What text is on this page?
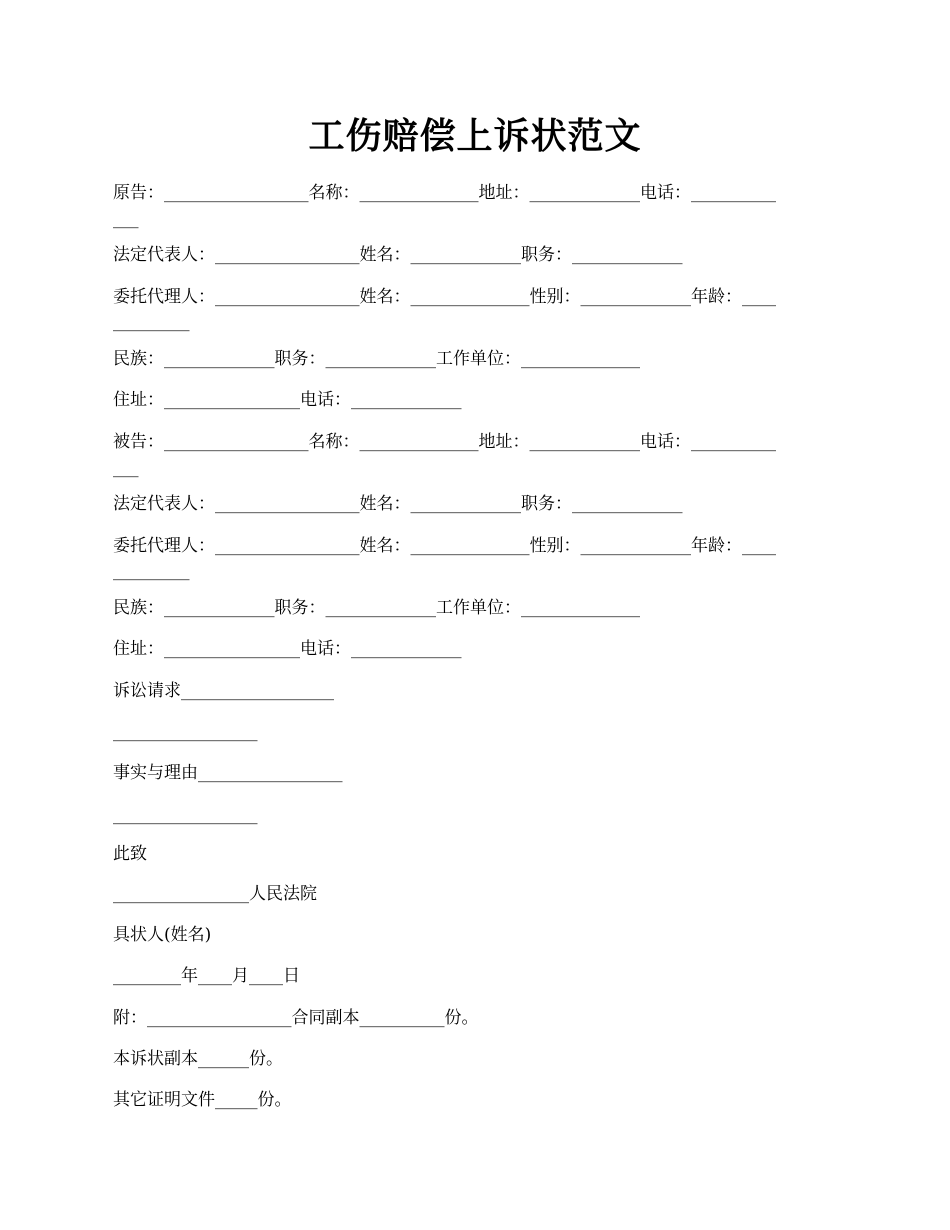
工伤赔偿上诉状范文
原告：_________________名称：______________地址：_____________电话：__________
___
法定代表人：_________________姓名：_____________职务：_____________
委托代理人：_________________姓名：______________性别：_____________年龄：____
_________
民族：_____________职务：_____________工作单位：______________
住址：________________电话：_____________
被告：_________________名称：______________地址：_____________电话：__________
___
法定代表人：_________________姓名：_____________职务：_____________
委托代理人：_________________姓名：______________性别：_____________年龄：____
_________
民族：_____________职务：_____________工作单位：______________
住址：________________电话：_____________
诉讼请求__________________
_________________
事实与理由_________________
_________________
此致
________________人民法院
具状人(姓名)
________年____月____日
附：_________________合同副本__________份。
本诉状副本______份。
其它证明文件_____份。
